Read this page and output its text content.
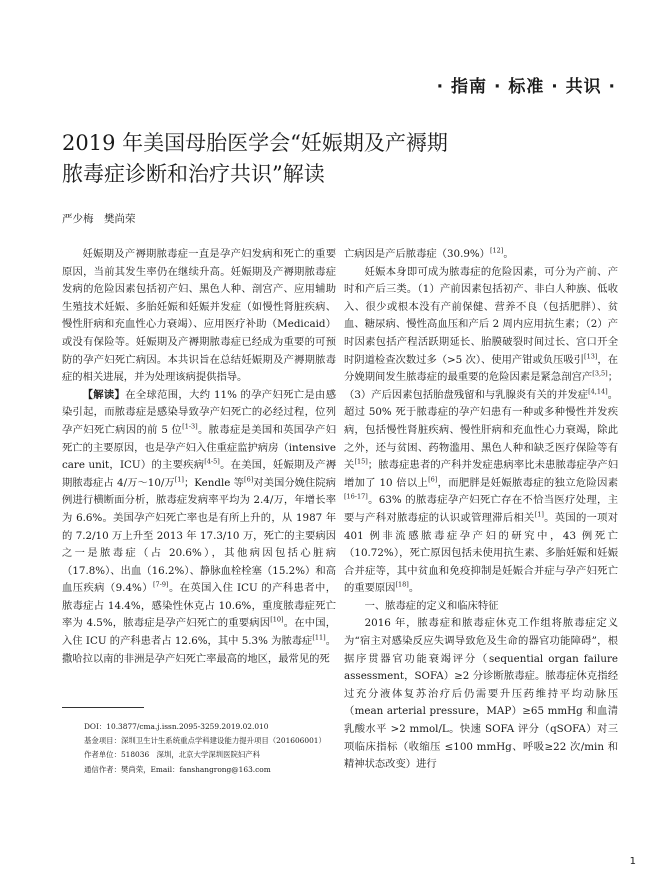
· 指南 · 标准 · 共识 ·
2019 年美国母胎医学会“妊娠期及产褥期
脓毒症诊断和治疗共识”解读
严少梅　樊尚荣

妊娠期及产褥期脓毒症一直是孕产妇发病和死亡的重要原因，当前其发生率仍在继续升高。妊娠期及产褥期脓毒症发病的危险因素包括初产妇、黑色人种、剖宫产、应用辅助生殖技术妊娠、多胎妊娠和妊娠并发症（如慢性肾脏疾病、慢性肝病和充血性心力衰竭）、应用医疗补助（Medicaid）或没有保险等。妊娠期及产褥期脓毒症已经成为重要的可预防的孕产妇死亡病因。本共识旨在总结妊娠期及产褥期脓毒症的相关进展，并为处理该病提供指导。

【解读】在全球范围，大约 11% 的孕产妇死亡是由感染引起，而脓毒症是感染导致孕产妇死亡的必经过程，位列孕产妇死亡病因的前 5 位[1-3]。脓毒症是美国和英国孕产妇死亡的主要原因，也是孕产妇入住重症监护病房（intensive care unit，ICU）的主要疾病[4-5]。在美国，妊娠期及产褥期脓毒症占 4/万～10/万[1]；Kendle 等[6]对美国分娩住院病例进行横断面分析，脓毒症发病率平均为 2.4/万，年增长率为 6.6%。美国孕产妇死亡率也是有所上升的，从 1987 年的 7.2/10 万上升至 2013 年 17.3/10 万，死亡的主要病因之一是脓毒症（占 20.6%），其他病因包括心脏病（17.8%）、出血（16.2%）、静脉血栓栓塞（15.2%）和高血压疾病（9.4%）[7-9]。在英国入住 ICU 的产科患者中，脓毒症占 14.4%，感染性休克占 10.6%，重度脓毒症死亡率为 4.5%，脓毒症是孕产妇死亡的重要病因[10]。在中国，入住 ICU 的产科患者占 12.6%，其中 5.3% 为脓毒症[11]。撒哈拉以南的非洲是孕产妇死亡率最高的地区，最常见的死

亡病因是产后脓毒症（30.9%）[12]。

妊娠本身即可成为脓毒症的危险因素，可分为产前、产时和产后三类。（1）产前因素包括初产、非白人种族、低收入、很少或根本没有产前保健、营养不良（包括肥胖）、贫血、糖尿病、慢性高血压和产后 2 周内应用抗生素；（2）产时因素包括产程活跃期延长、胎膜破裂时间过长、宫口开全时阴道检查次数过多（>5 次）、使用产钳或负压吸引[13]，在分娩期间发生脓毒症的最重要的危险因素是紧急剖宫产[3,5]；（3）产后因素包括胎盘残留和与乳腺炎有关的并发症[4,14]。超过 50% 死于脓毒症的孕产妇患有一种或多种慢性并发疾病，包括慢性肾脏疾病、慢性肝病和充血性心力衰竭，除此之外，还与贫困、药物滥用、黑色人种和缺乏医疗保险等有关[15]；脓毒症患者的产科并发症患病率比未患脓毒症孕产妇增加了 10 倍以上[6]，而肥胖是妊娠脓毒症的独立危险因素[16-17]。63% 的脓毒症孕产妇死亡存在不恰当医疗处理，主要与产科对脓毒症的认识或管理滞后相关[1]。英国的一项对 401 例非流感脓毒症孕产妇的研究中，43 例死亡（10.72%），死亡原因包括未使用抗生素、多胎妊娠和妊娠合并症等，其中贫血和免疫抑制是妊娠合并症与孕产妇死亡的重要原因[18]。

一、脓毒症的定义和临床特征

2016 年，脓毒症和脓毒症休克工作组将脓毒症定义为“宿主对感染反应失调导致危及生命的器官功能障碍”，根据序贯器官功能衰竭评分（sequential organ failure assessment，SOFA）≥2 分诊断脓毒症。脓毒症休克指经过充分液体复苏治疗后仍需要升压药维持平均动脉压（mean arterial pressure，MAP）≥65 mmHg 和血清乳酸水平 >2 mmol/L。快速 SOFA 评分（qSOFA）对三项临床指标（收缩压 ≤100 mmHg、呼吸≥22 次/min 和精神状态改变）进行

DOI：10.3877/cma.j.issn.2095-3259.2019.02.010
基金项目：深圳卫生计生系统重点学科建设能力提升项目（201606001）
作者单位：518036　深圳，北京大学深圳医院妇产科
通信作者：樊尚荣，Email：fanshangrong@163.com
1
